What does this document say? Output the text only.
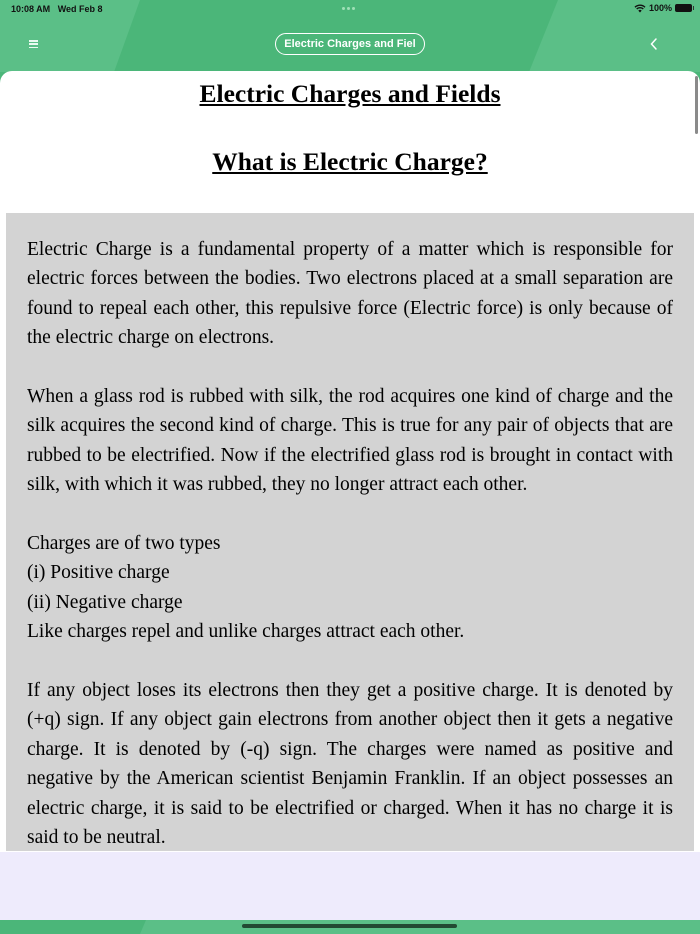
10:08 AM Wed Feb 8	100%
Electric Charges and Fiel
Electric Charges and Fields
What is Electric Charge?

Electric Charge is a fundamental property of a matter which is responsible for electric forces between the bodies. Two electrons placed at a small separation are found to repeal each other, this repulsive force (Electric force) is only because of the electric charge on electrons.

When a glass rod is rubbed with silk, the rod acquires one kind of charge and the silk acquires the second kind of charge. This is true for any pair of objects that are rubbed to be electrified. Now if the electrified glass rod is brought in contact with silk, with which it was rubbed, they no longer attract each other.

Charges are of two types
(i) Positive charge
(ii) Negative charge
Like charges repel and unlike charges attract each other.

If any object loses its electrons then they get a positive charge. It is denoted by (+q) sign. If any object gain electrons from another object then it gets a negative charge. It is denoted by (-q) sign. The charges were named as positive and negative by the American scientist Benjamin Franklin. If an object possesses an electric charge, it is said to be electrified or charged. When it has no charge it is said to be neutral.
